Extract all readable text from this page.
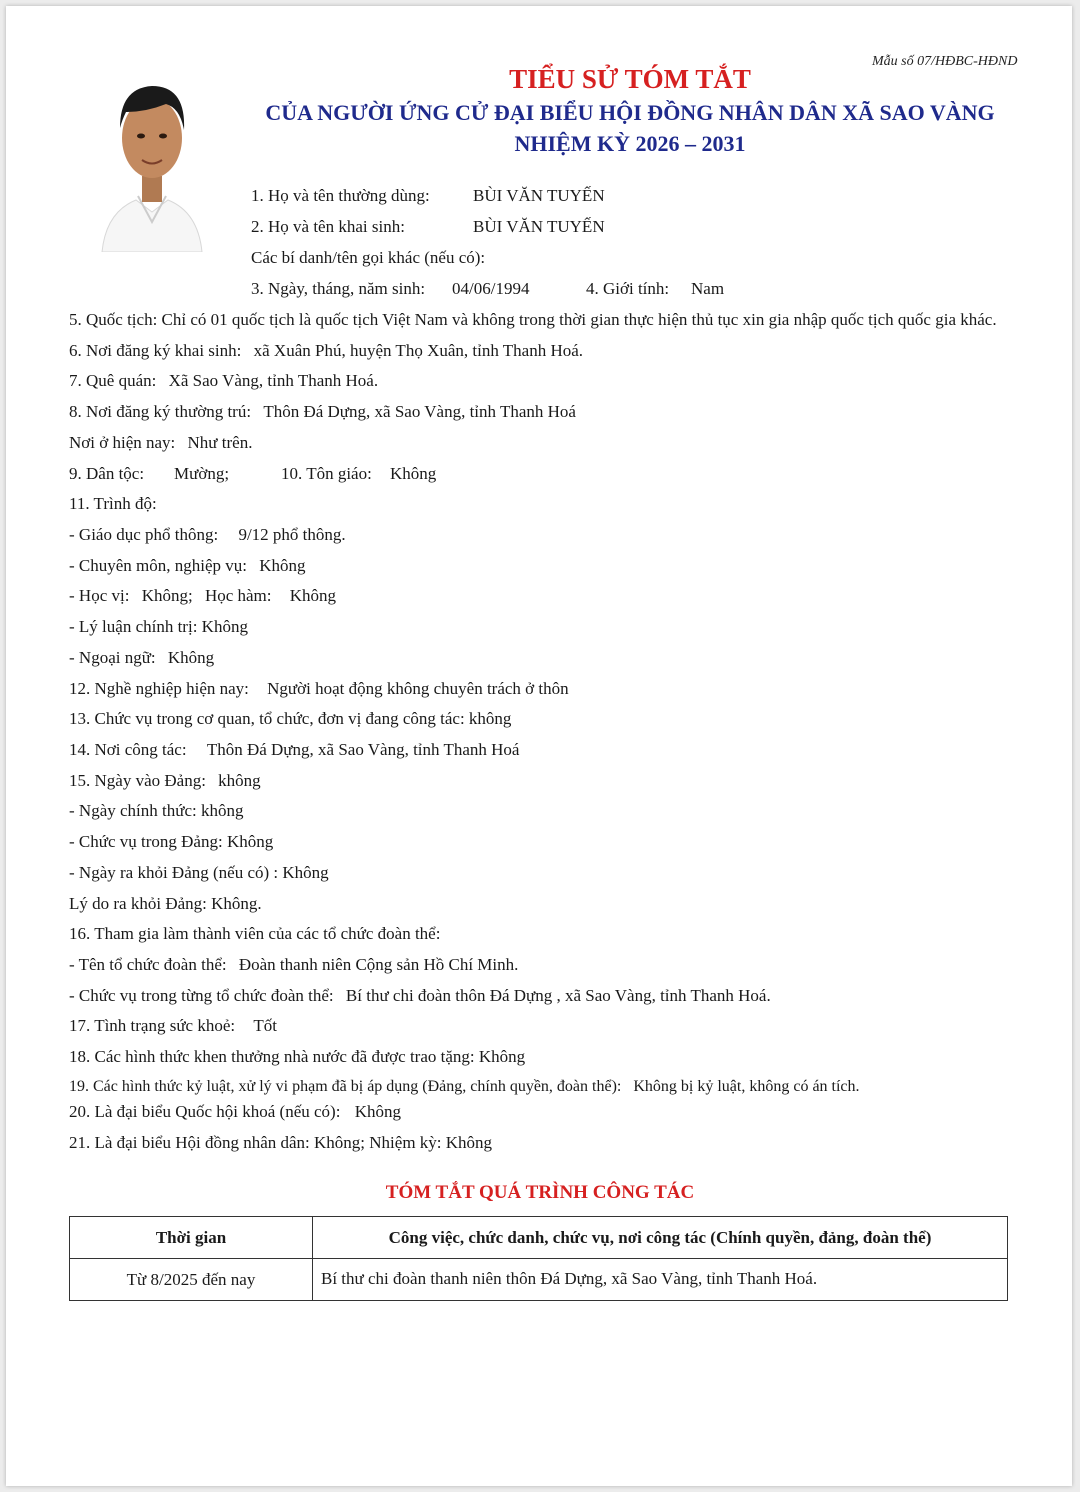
Mẫu số 07/HĐBC-HĐND
TIỂU SỬ TÓM TẮT
CỦA NGƯỜI ỨNG CỬ ĐẠI BIỂU HỘI ĐỒNG NHÂN DÂN XÃ SAO VÀNG
NHIỆM KỲ 2026 – 2031
1. Họ và tên thường dùng:	BÙI VĂN TUYẾN
2. Họ và tên khai sinh:	BÙI VĂN TUYẾN
Các bí danh/tên gọi khác (nếu có):
3. Ngày, tháng, năm sinh: 04/06/1994	4. Giới tính: Nam
5. Quốc tịch: Chỉ có 01 quốc tịch là quốc tịch Việt Nam và không trong thời gian thực hiện thủ tục xin gia nhập quốc tịch quốc gia khác.
6. Nơi đăng ký khai sinh: xã Xuân Phú, huyện Thọ Xuân, tỉnh Thanh Hoá.
7. Quê quán: Xã Sao Vàng, tỉnh Thanh Hoá.
8. Nơi đăng ký thường trú: Thôn Đá Dựng, xã Sao Vàng, tỉnh Thanh Hoá
Nơi ở hiện nay: Như trên.
9. Dân tộc: Mường;	10. Tôn giáo: Không
11. Trình độ:
- Giáo dục phổ thông: 9/12 phổ thông.
- Chuyên môn, nghiệp vụ: Không
- Học vị: Không; Học hàm: Không
- Lý luận chính trị: Không
- Ngoại ngữ: Không
12. Nghề nghiệp hiện nay: Người hoạt động không chuyên trách ở thôn
13. Chức vụ trong cơ quan, tổ chức, đơn vị đang công tác: không
14. Nơi công tác: Thôn Đá Dựng, xã Sao Vàng, tỉnh Thanh Hoá
15. Ngày vào Đảng: không
- Ngày chính thức: không
- Chức vụ trong Đảng: Không
- Ngày ra khỏi Đảng (nếu có) : Không
Lý do ra khỏi Đảng: Không.
16. Tham gia làm thành viên của các tổ chức đoàn thể:
- Tên tổ chức đoàn thể: Đoàn thanh niên Cộng sản Hồ Chí Minh.
- Chức vụ trong từng tổ chức đoàn thể: Bí thư chi đoàn thôn Đá Dựng , xã Sao Vàng, tỉnh Thanh Hoá.
17. Tình trạng sức khoẻ: Tốt
18. Các hình thức khen thưởng nhà nước đã được trao tặng: Không
19. Các hình thức kỷ luật, xử lý vi phạm đã bị áp dụng (Đảng, chính quyền, đoàn thể): Không bị kỷ luật, không có án tích.
20. Là đại biểu Quốc hội khoá (nếu có): Không
21. Là đại biểu Hội đồng nhân dân: Không; Nhiệm kỳ: Không
TÓM TẮT QUÁ TRÌNH CÔNG TÁC
Thời gian	Công việc, chức danh, chức vụ, nơi công tác (Chính quyền, đảng, đoàn thể)
Từ 8/2025 đến nay	Bí thư chi đoàn thanh niên thôn Đá Dựng, xã Sao Vàng, tỉnh Thanh Hoá.
